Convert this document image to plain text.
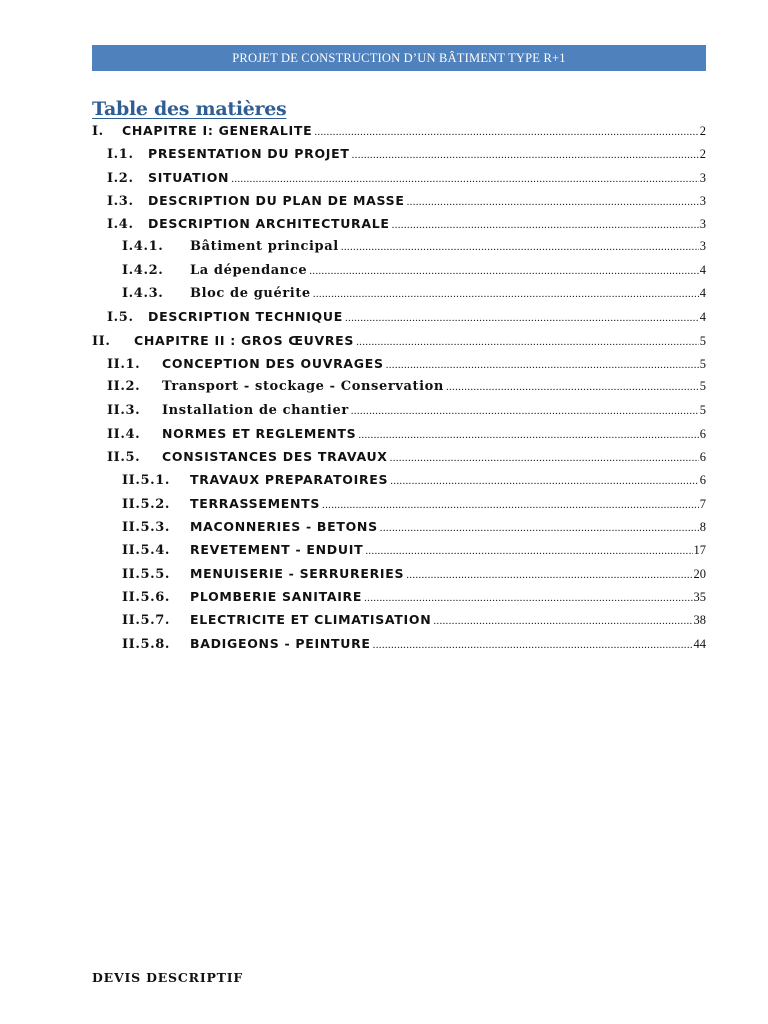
PROJET DE CONSTRUCTION D’UN BÂTIMENT TYPE R+1
Table des matières
I.	CHAPITRE I: GENERALITE .....	2
I.1.	PRESENTATION DU PROJET .....	2
I.2.	SITUATION .....	3
I.3.	DESCRIPTION DU PLAN DE MASSE .....	3
I.4.	DESCRIPTION ARCHITECTURALE .....	3
I.4.1.	Bâtiment principal .....	3
I.4.2.	La dépendance .....	4
I.4.3.	Bloc de guérite .....	4
I.5.	DESCRIPTION TECHNIQUE .....	4
II.	CHAPITRE II : GROS ŒUVRES .....	5
II.1.	CONCEPTION DES OUVRAGES .....	5
II.2.	Transport - stockage - Conservation .....	5
II.3.	Installation de chantier .....	5
II.4.	NORMES ET REGLEMENTS .....	6
II.5.	CONSISTANCES DES TRAVAUX .....	6
II.5.1.	TRAVAUX PREPARATOIRES .....	6
II.5.2.	TERRASSEMENTS .....	7
II.5.3.	MACONNERIES - BETONS .....	8
II.5.4.	REVETEMENT - ENDUIT .....	17
II.5.5.	MENUISERIE - SERRURERIES .....	20
II.5.6.	PLOMBERIE SANITAIRE .....	35
II.5.7.	ELECTRICITE ET CLIMATISATION .....	38
II.5.8.	BADIGEONS - PEINTURE .....	44
DEVIS DESCRIPTIF
